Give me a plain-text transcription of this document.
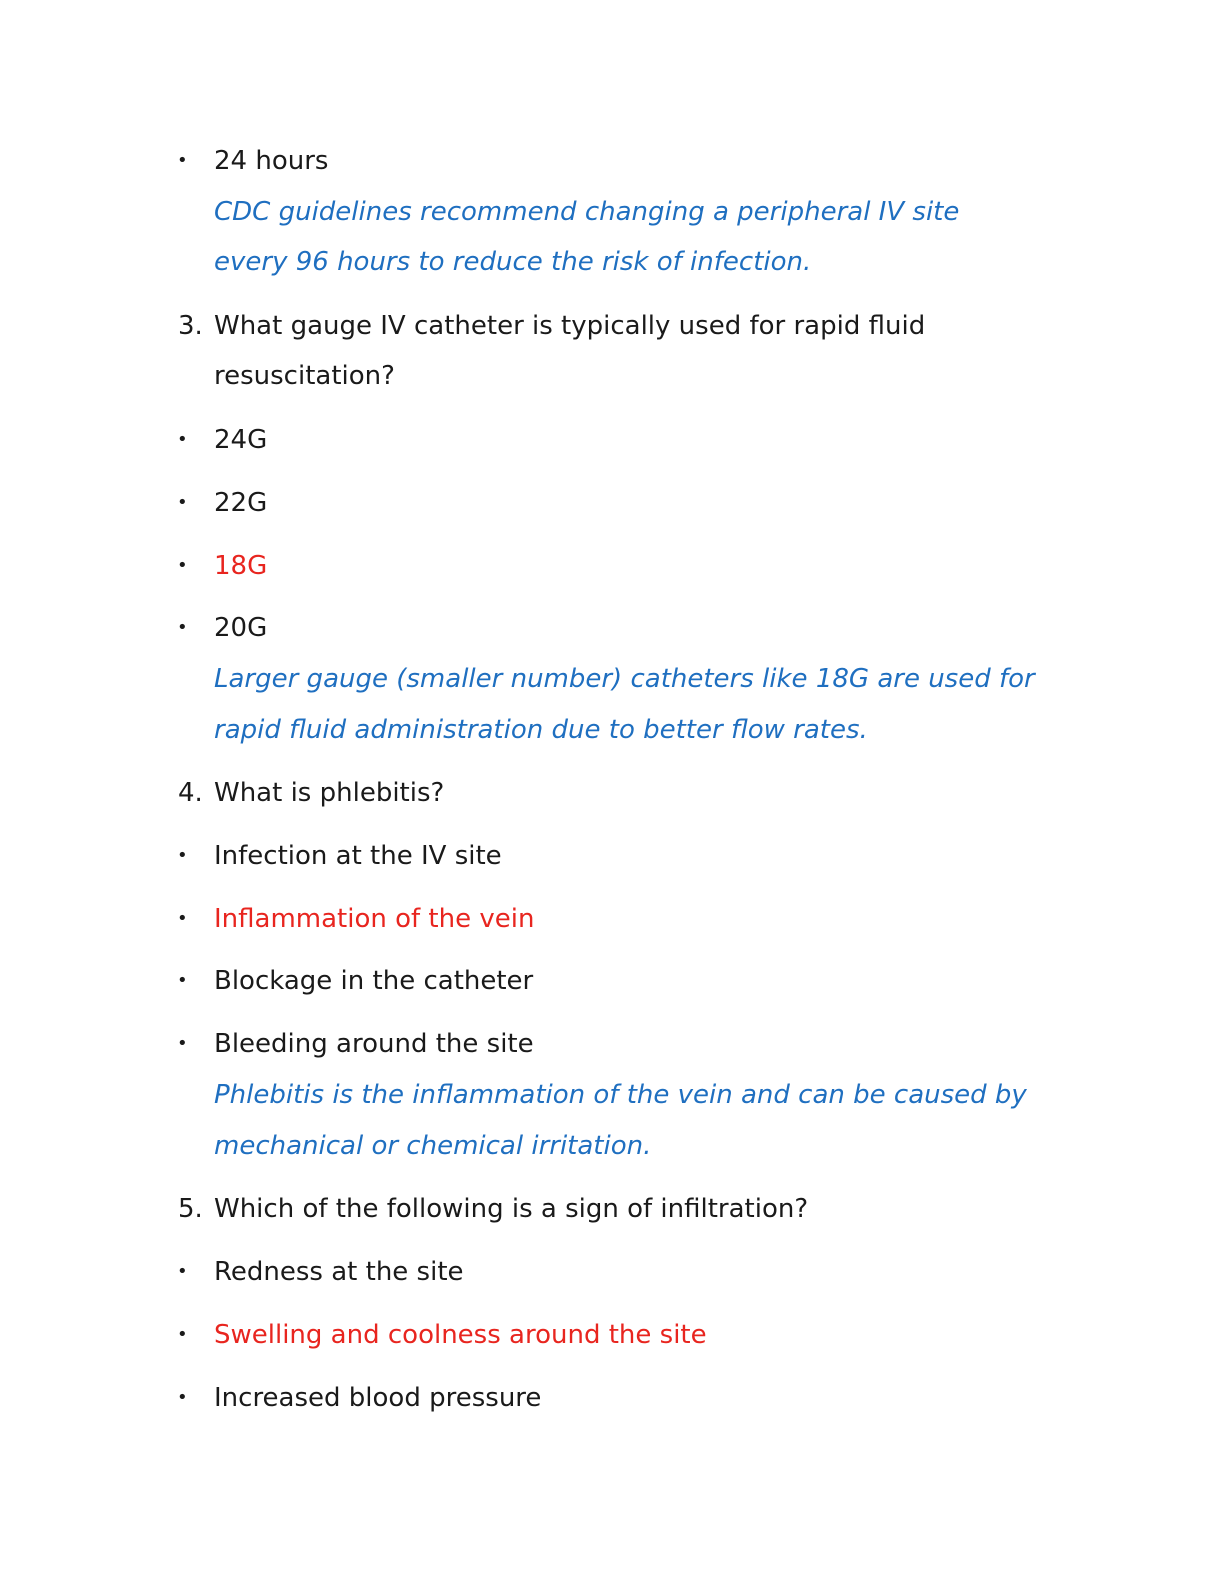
• 24 hours
CDC guidelines recommend changing a peripheral IV site
every 96 hours to reduce the risk of infection.
3. What gauge IV catheter is typically used for rapid fluid
resuscitation?
• 24G
• 22G
• 18G
• 20G
Larger gauge (smaller number) catheters like 18G are used for
rapid fluid administration due to better flow rates.
4. What is phlebitis?
• Infection at the IV site
• Inflammation of the vein
• Blockage in the catheter
• Bleeding around the site
Phlebitis is the inflammation of the vein and can be caused by
mechanical or chemical irritation.
5. Which of the following is a sign of infiltration?
• Redness at the site
• Swelling and coolness around the site
• Increased blood pressure
